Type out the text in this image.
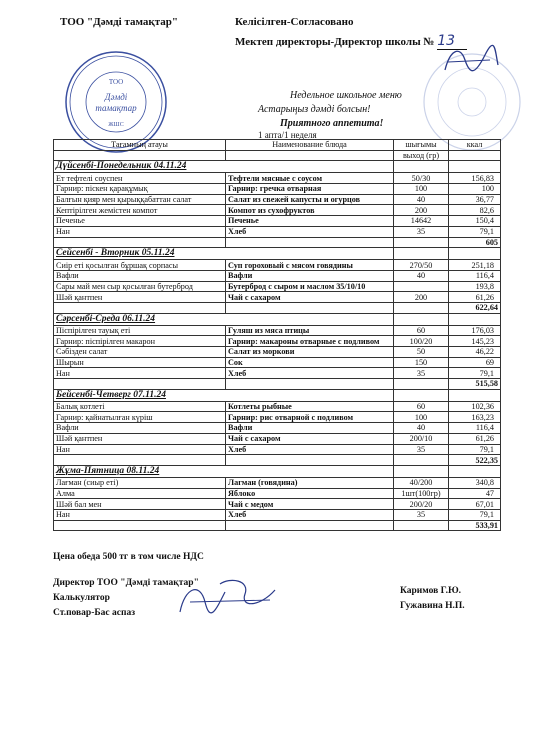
ТОО "Дәмді тамақтар"	Келісілген-Согласовано
Мектеп директоры-Директор школы № 13
ТОО
Дәмді
тамақтар
ЖШС
Недельное школьное меню
Астарыңыз дәмді болсын!
Приятного аппетита!
1 апта/1 неделя
Тағамның атауы	Наименование блюда	шығымы	ккал
		выход (гр)	
Дүйсенбі-Понедельник 04.11.24			
Ет тефтелі соуспен	Тефтели мясные с соусом	50/30	156,83
Гарнир: піскен қарақұмық	Гарнир: гречка отварная	100	100
Балғын қияр мен қырыққабаттан салат	Салат из свежей капусты и огурцов	40	36,77
Кептірілген жемістен компот	Компот из сухофруктов	200	82,6
Печенье	Печенье	14642	150,4
Нан	Хлеб	35	79,1
			605
Сейсенбі - Вторник 05.11.24			
Сиір еті қосылған бұршақ сорпасы	Суп гороховый с мясом говядины	270/50	251,18
Вафли	Вафли	40	116,4
Сары май мен сыр қосылған бутерброд	Бутерброд с сыром и маслом 35/10/10		193,8
Шәй қантпен	Чай с сахаром	200	61,26
			622,64
Сәрсенбі-Среда 06.11.24			
Піспірілген тауық еті	Гуляш из мяса птицы	60	176,03
Гарнир: піспірілген макарон	Гарнир: макароны отварные с подливом	100/20	145,23
Сәбізден салат	Салат из моркови	50	46,22
Шырын	Сок	150	69
Нан	Хлеб	35	79,1
			515,58
Бейсенбі-Четверг 07.11.24			
Балық котлеті	Котлеты рыбные	60	102,36
Гарнир: қайнатылған күріш	Гарнир: рис отварной с подливом	100	163,23
Вафли	Вафли	40	116,4
Шәй қантпен	Чай с сахаром	200/10	61,26
Нан	Хлеб	35	79,1
			522,35
Жұма-Пятница 08.11.24			
Лағман (сиыр еті)	Лагман (говядина)	40/200	340,8
Алма	Яблоко	1шт(100гр)	47
Шәй бал мен	Чай с медом	200/20	67,01
Нан	Хлеб	35	79,1
			533,91
Цена обеда 500 тг в том числе НДС
Директор ТОО "Дәмді тамақтар"
Каримов Г.Ю.
Калькулятор
Гужавина Н.П.
Ст.повар-Бас аспаз
